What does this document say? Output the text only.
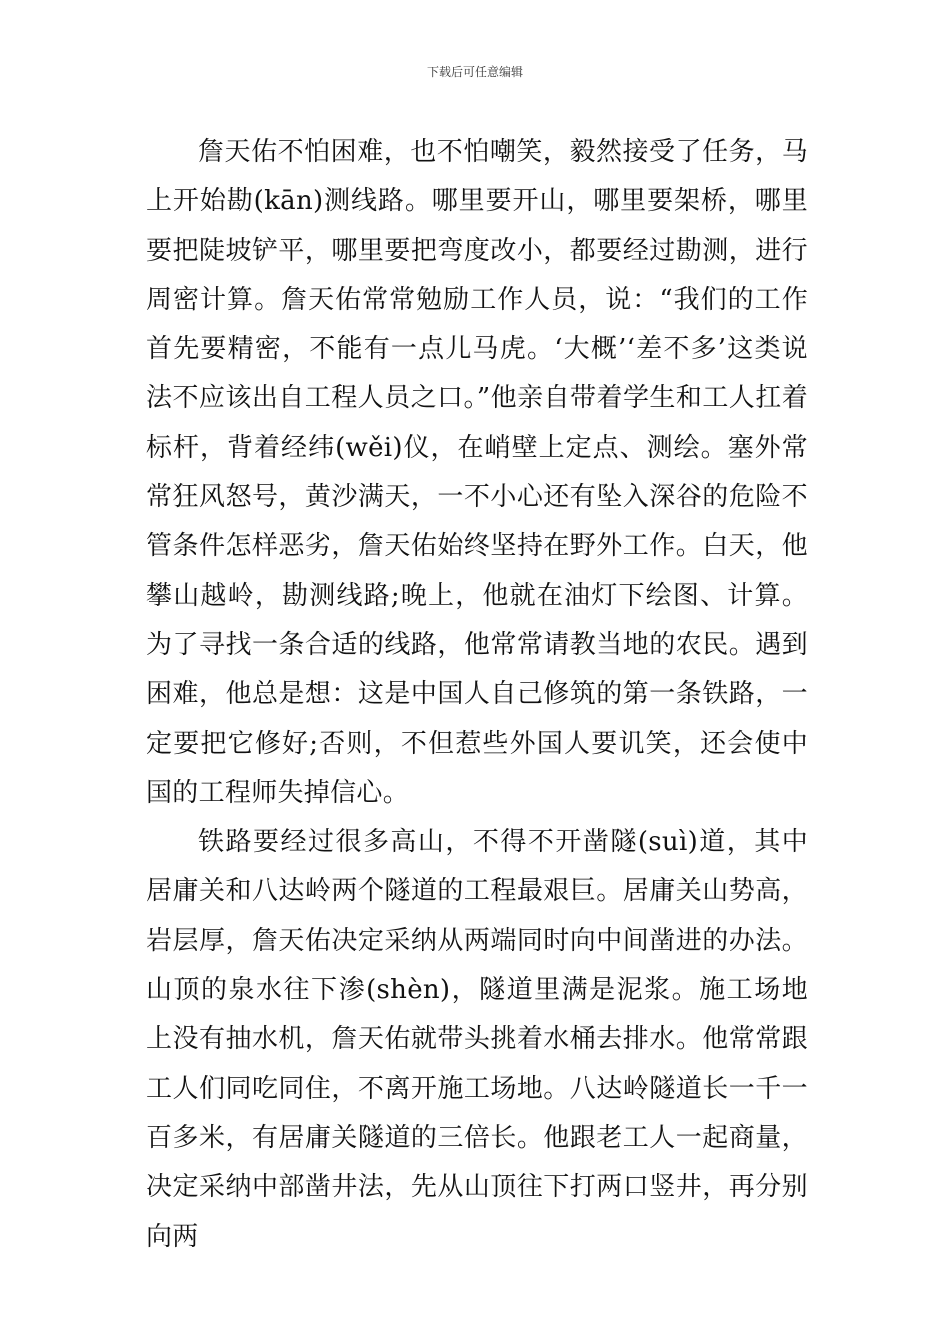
下载后可任意编辑

詹天佑不怕困难，也不怕嘲笑，毅然接受了任务，马上开始勘(kān)测线路。哪里要开山，哪里要架桥，哪里要把陡坡铲平，哪里要把弯度改小，都要经过勘测，进行周密计算。詹天佑常常勉励工作人员，说：“我们的工作首先要精密，不能有一点儿马虎。‘大概’‘差不多’这类说法不应该出自工程人员之口。”他亲自带着学生和工人扛着标杆，背着经纬(wěi)仪，在峭壁上定点、测绘。塞外常常狂风怒号，黄沙满天，一不小心还有坠入深谷的危险不管条件怎样恶劣，詹天佑始终坚持在野外工作。白天，他攀山越岭，勘测线路;晚上，他就在油灯下绘图、计算。为了寻找一条合适的线路，他常常请教当地的农民。遇到困难，他总是想：这是中国人自己修筑的第一条铁路，一定要把它修好;否则，不但惹些外国人要讥笑，还会使中国的工程师失掉信心。

铁路要经过很多高山，不得不开凿隧(suì)道，其中居庸关和八达岭两个隧道的工程最艰巨。居庸关山势高，岩层厚，詹天佑决定采纳从两端同时向中间凿进的办法。山顶的泉水往下渗(shèn)，隧道里满是泥浆。施工场地上没有抽水机，詹天佑就带头挑着水桶去排水。他常常跟工人们同吃同住，不离开施工场地。八达岭隧道长一千一百多米，有居庸关隧道的三倍长。他跟老工人一起商量，决定采纳中部凿井法，先从山顶往下打两口竖井，再分别向两
